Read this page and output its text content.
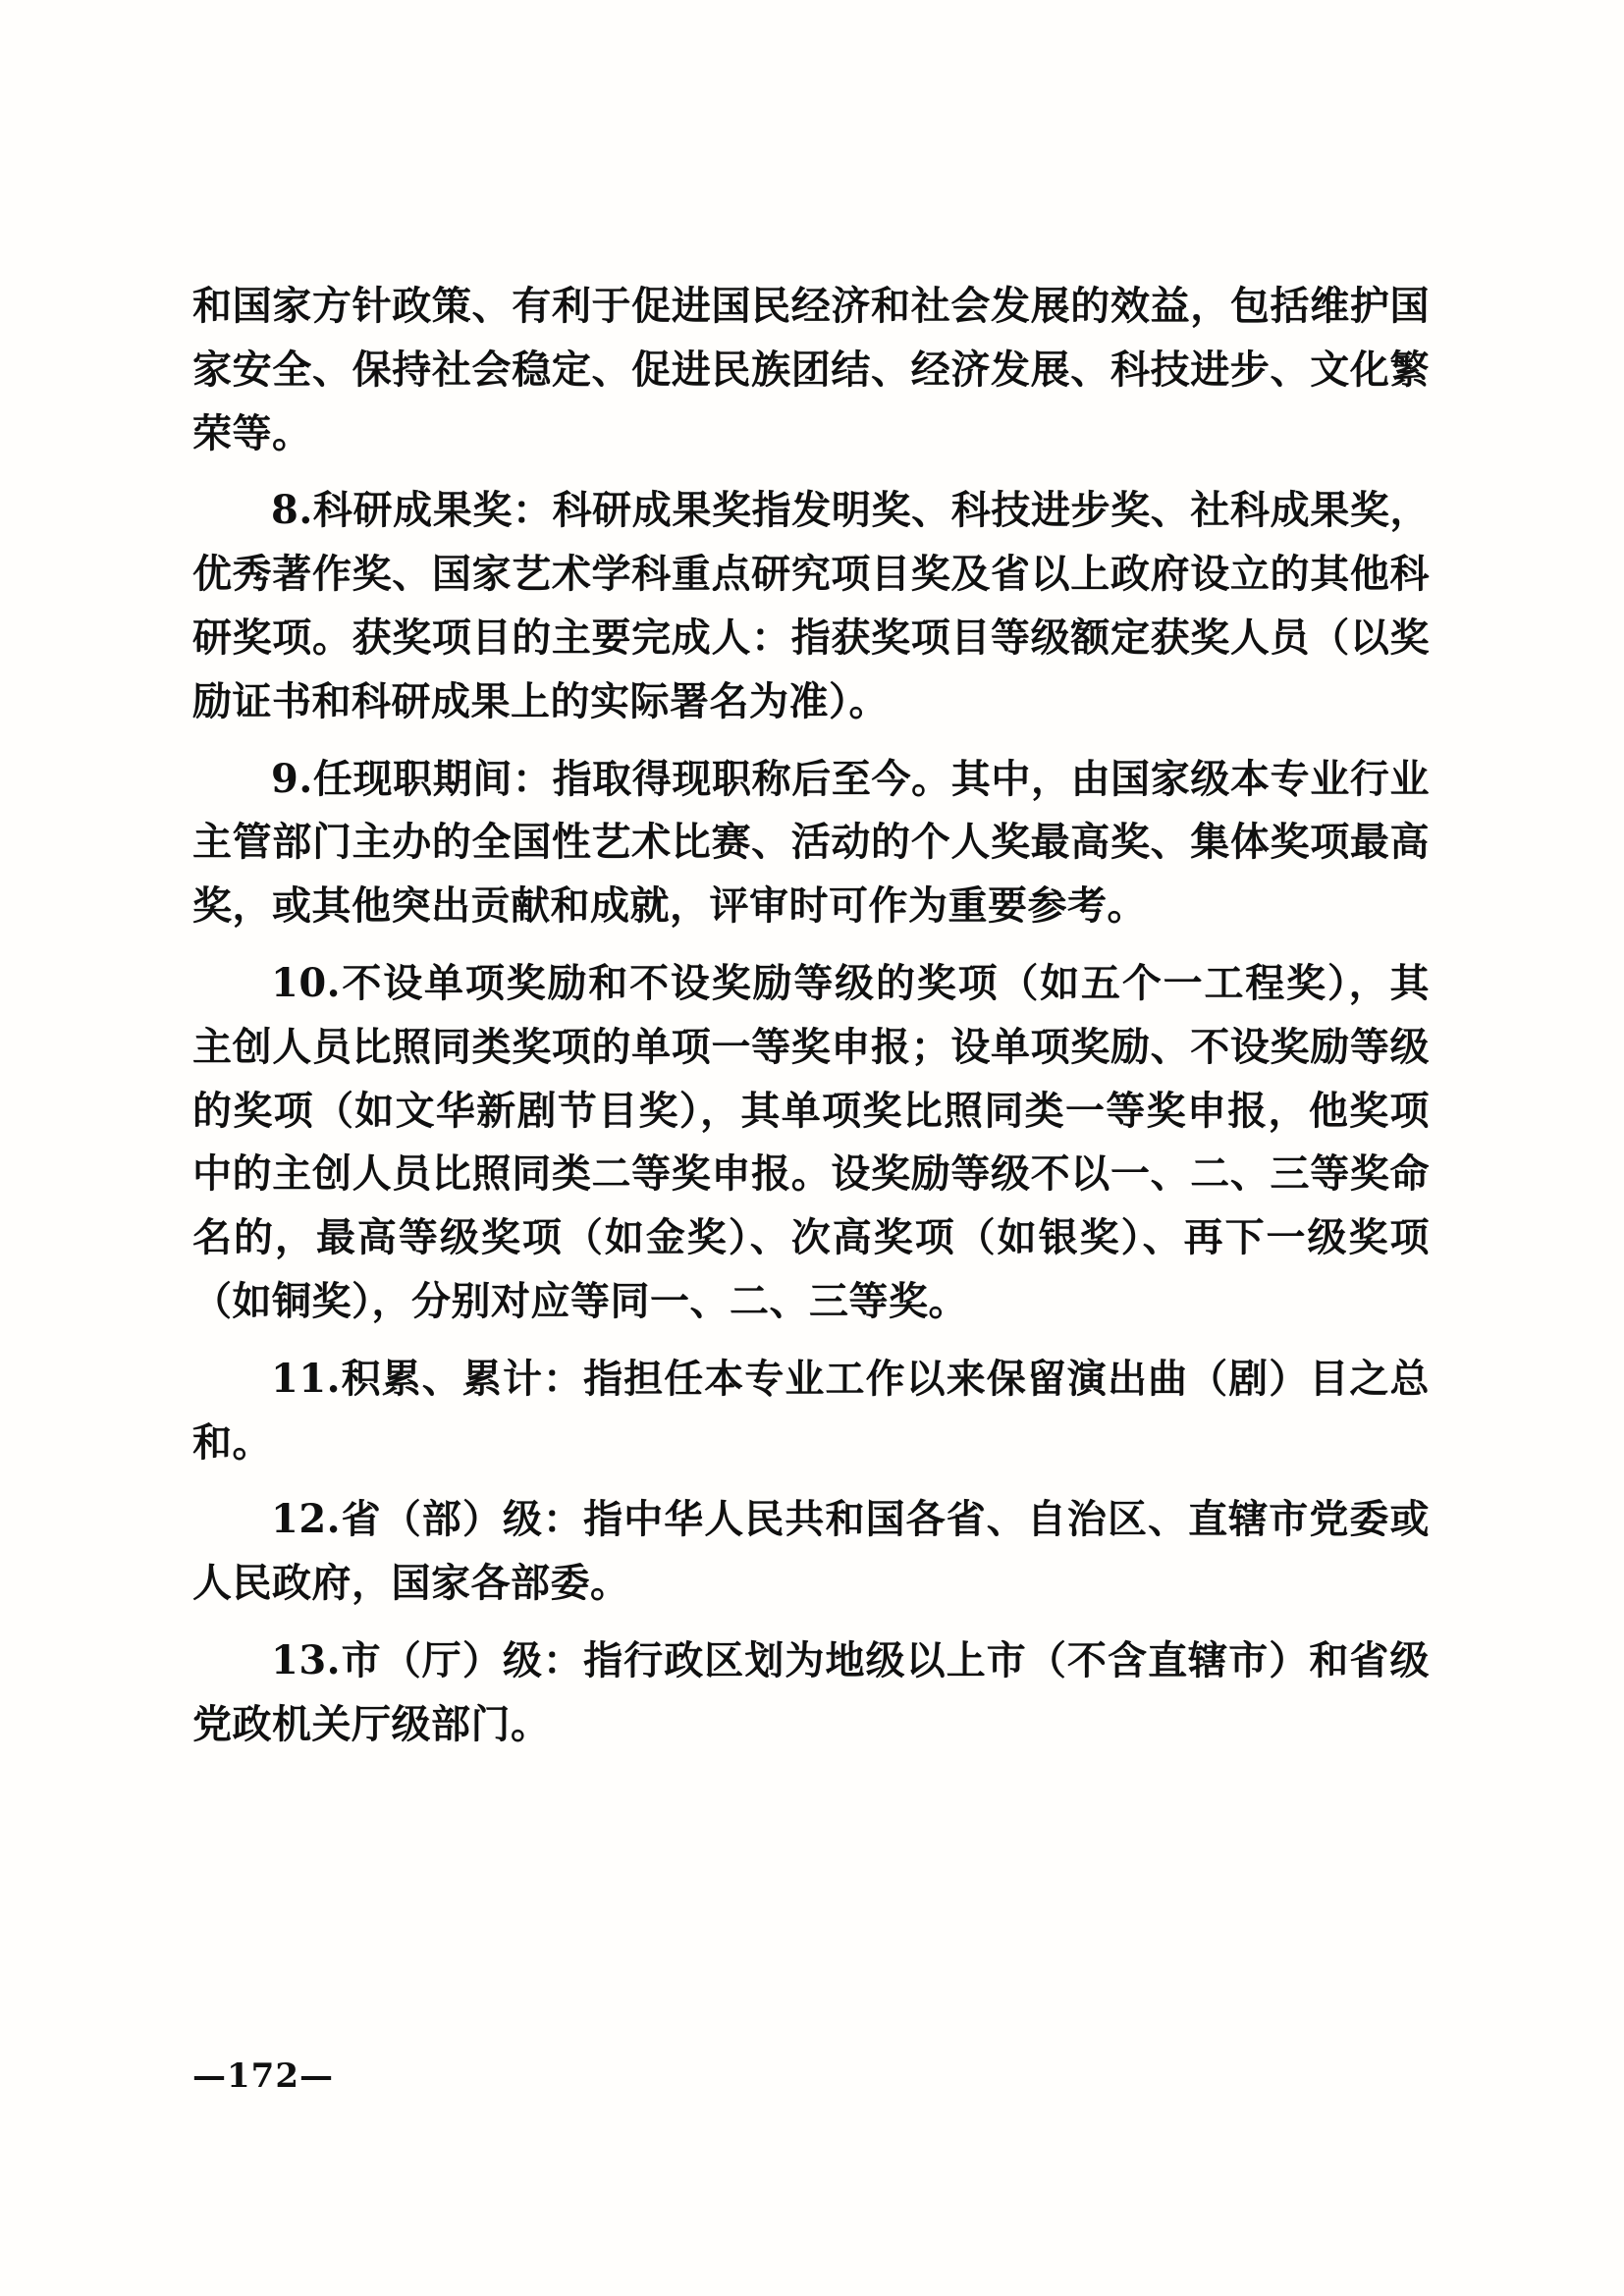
和国家方针政策、有利于促进国民经济和社会发展的效益，包括维护国家安全、保持社会稳定、促进民族团结、经济发展、科技进步、文化繁荣等。

8.科研成果奖：科研成果奖指发明奖、科技进步奖、社科成果奖，优秀著作奖、国家艺术学科重点研究项目奖及省以上政府设立的其他科研奖项。获奖项目的主要完成人：指获奖项目等级额定获奖人员（以奖励证书和科研成果上的实际署名为准）。

9.任现职期间：指取得现职称后至今。其中，由国家级本专业行业主管部门主办的全国性艺术比赛、活动的个人奖最高奖、集体奖项最高奖，或其他突出贡献和成就，评审时可作为重要参考。

10.不设单项奖励和不设奖励等级的奖项（如五个一工程奖），其主创人员比照同类奖项的单项一等奖申报；设单项奖励、不设奖励等级的奖项（如文华新剧节目奖），其单项奖比照同类一等奖申报，他奖项中的主创人员比照同类二等奖申报。设奖励等级不以一、二、三等奖命名的，最高等级奖项（如金奖）、次高奖项（如银奖）、再下一级奖项（如铜奖），分别对应等同一、二、三等奖。

11.积累、累计：指担任本专业工作以来保留演出曲（剧）目之总和。

12.省（部）级：指中华人民共和国各省、自治区、直辖市党委或人民政府，国家各部委。

13.市（厅）级：指行政区划为地级以上市（不含直辖市）和省级党政机关厅级部门。

—172—
